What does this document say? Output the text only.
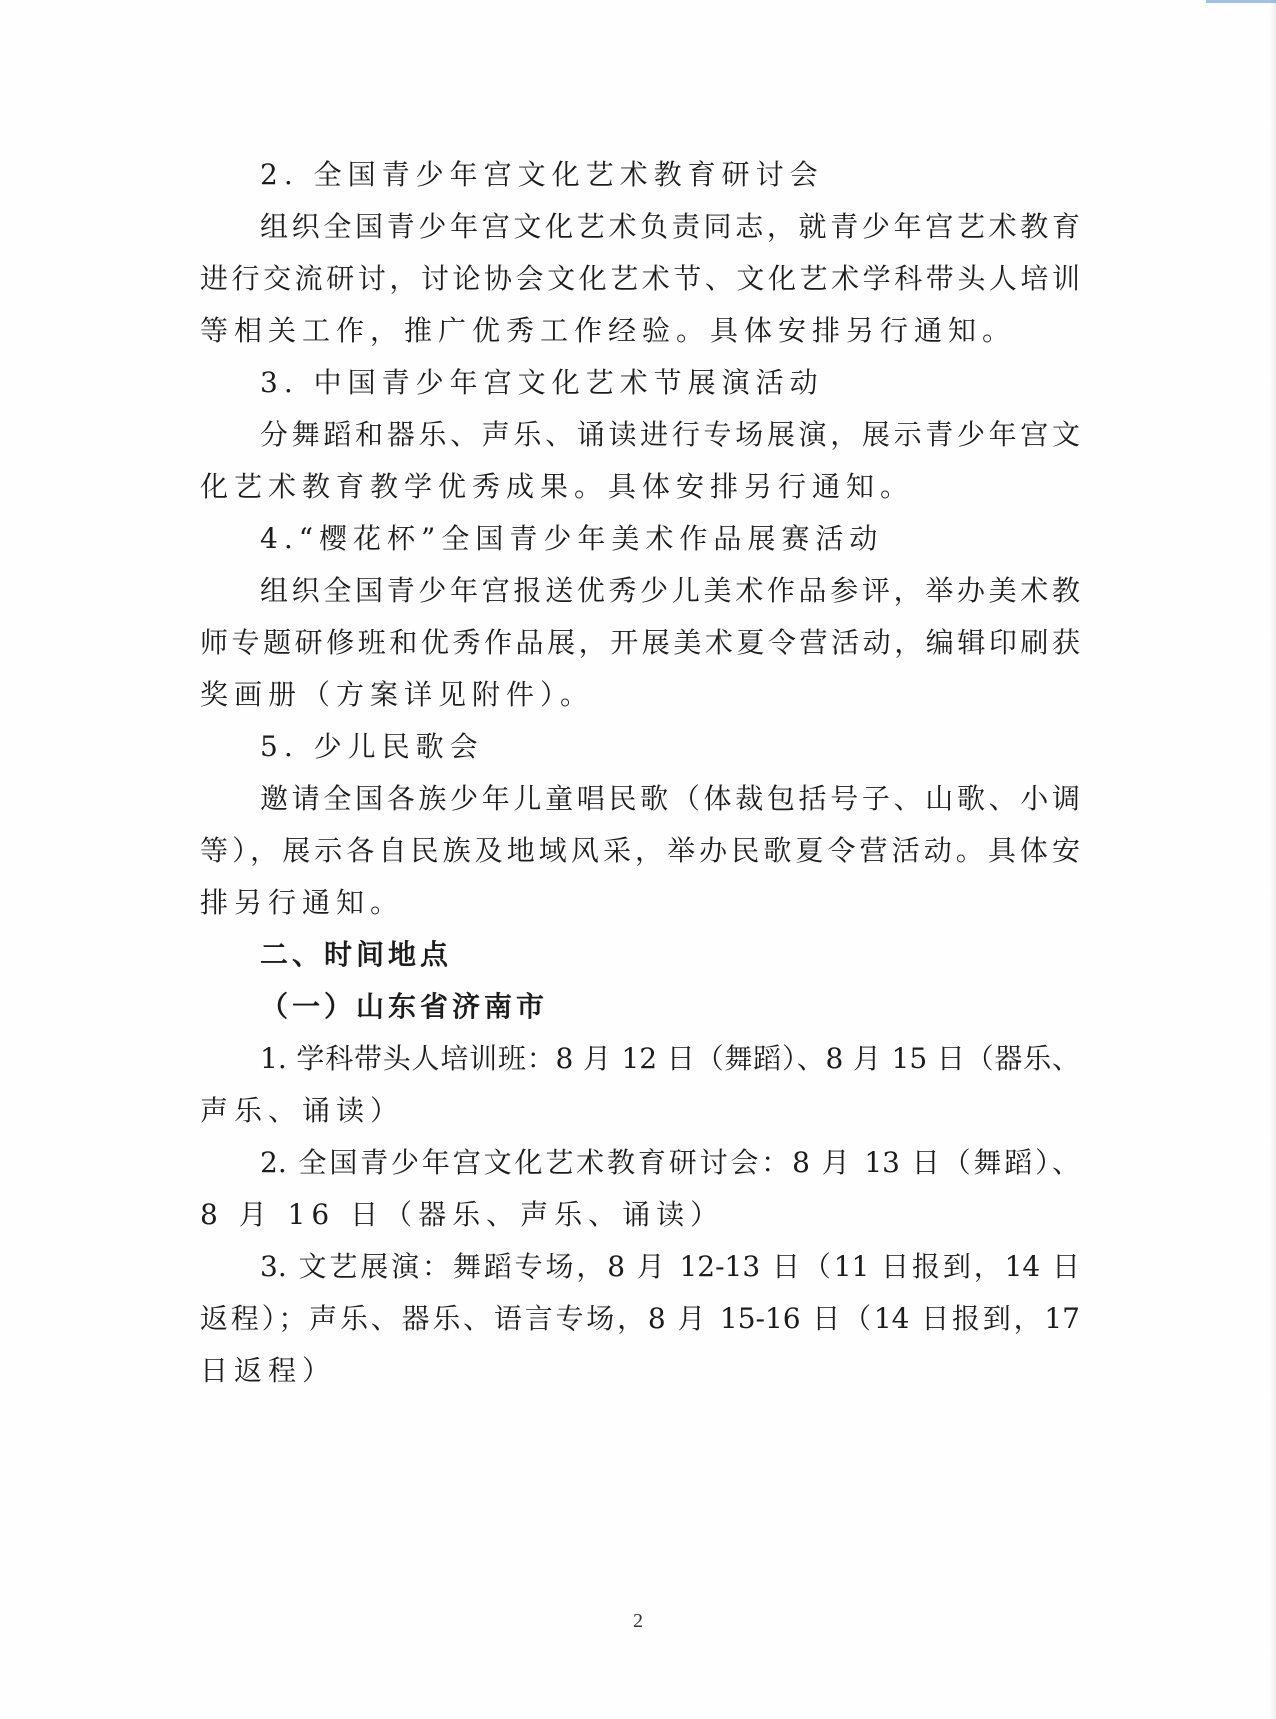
2. 全国青少年宫文化艺术教育研讨会
组织全国青少年宫文化艺术负责同志，就青少年宫艺术教育
进行交流研讨，讨论协会文化艺术节、文化艺术学科带头人培训
等相关工作，推广优秀工作经验。具体安排另行通知。
3. 中国青少年宫文化艺术节展演活动
分舞蹈和器乐、声乐、诵读进行专场展演，展示青少年宫文
化艺术教育教学优秀成果。具体安排另行通知。
4.“樱花杯”全国青少年美术作品展赛活动
组织全国青少年宫报送优秀少儿美术作品参评，举办美术教
师专题研修班和优秀作品展，开展美术夏令营活动，编辑印刷获
奖画册（方案详见附件）。
5. 少儿民歌会
邀请全国各族少年儿童唱民歌（体裁包括号子、山歌、小调
等），展示各自民族及地域风采，举办民歌夏令营活动。具体安
排另行通知。
二、时间地点
（一）山东省济南市
1. 学科带头人培训班：8 月 12 日（舞蹈）、8 月 15 日（器乐、
声乐、诵读）
2. 全国青少年宫文化艺术教育研讨会：8 月 13 日（舞蹈）、
8 月 16 日（器乐、声乐、诵读）
3. 文艺展演：舞蹈专场，8 月 12-13 日（11 日报到，14 日
返程）；声乐、器乐、语言专场，8 月 15-16 日（14 日报到，17
日返程）
2
